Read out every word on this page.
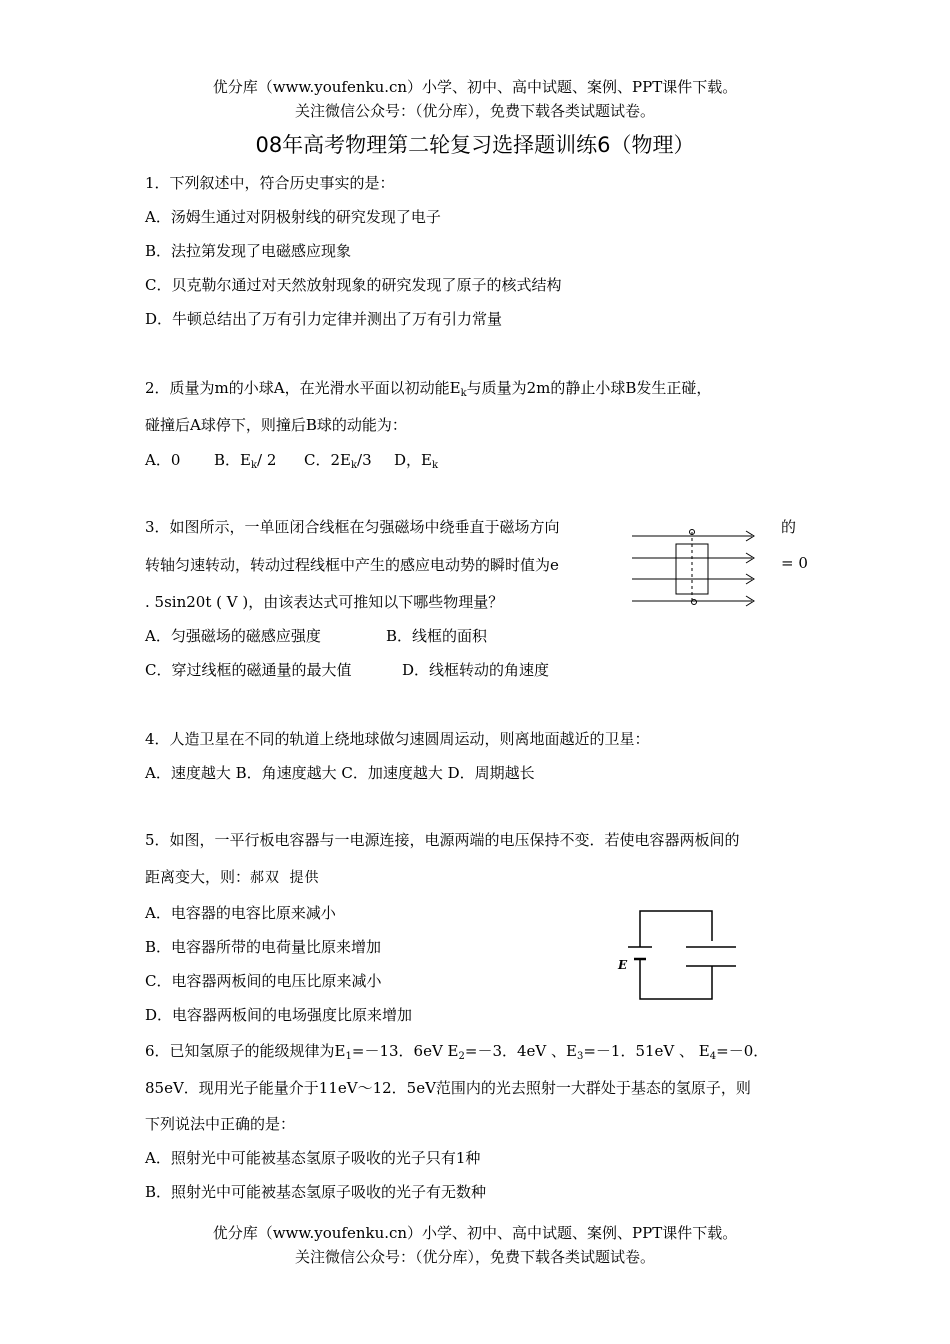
优分库（www.youfenku.cn）小学、初中、高中试题、案例、PPT课件下载。
关注微信公众号：（优分库），免费下载各类试题试卷。
08年高考物理第二轮复习选择题训练6（物理）
1．下列叙述中，符合历史事实的是：
A．汤姆生通过对阴极射线的研究发现了电子
B．法拉第发现了电磁感应现象
C．贝克勒尔通过对天然放射现象的研究发现了原子的核式结构
D．牛顿总结出了万有引力定律并测出了万有引力常量
2．质量为m的小球A，在光滑水平面以初动能$E_k$与质量为2m的静止小球B发生正碰，
碰撞后A球停下，则撞后B球的动能为：
A．0 B．$E_k/$ 2 C．$2E_k/3$ D，$E_k$
3．如图所示，一单匝闭合线框在匀强磁场中绕垂直于磁场方向	的
转轴匀速转动，转动过程线框中产生的感应电动势的瞬时值为e	= 0
. 5sin20t ( V )，由该表达式可推知以下哪些物理量？
A．匀强磁场的磁感应强度	B．线框的面积
C．穿过线框的磁通量的最大值	D．线框转动的角速度
4．人造卫星在不同的轨道上绕地球做匀速圆周运动，则离地面越近的卫星：
A．速度越大 B．角速度越大 C．加速度越大 D．周期越长
5．如图，一平行板电容器与一电源连接，电源两端的电压保持不变．若使电容器两板间的
距离变大，则：郝双 提供
A．电容器的电容比原来减小
B．电容器所带的电荷量比原来增加
C．电容器两板间的电压比原来减小
D．电容器两板间的电场强度比原来增加
E
6．已知氢原子的能级规律为$E_1=-13$．6eV $E_2=-3$．4eV 、$E_3=-1$．51eV 、 $E_4=-0$．
85eV．现用光子能量介于11eV～12．5eV范围内的光去照射一大群处于基态的氢原子，则
下列说法中正确的是：
A．照射光中可能被基态氢原子吸收的光子只有1种
B．照射光中可能被基态氢原子吸收的光子有无数种
优分库（www.youfenku.cn）小学、初中、高中试题、案例、PPT课件下载。
关注微信公众号：（优分库），免费下载各类试题试卷。
